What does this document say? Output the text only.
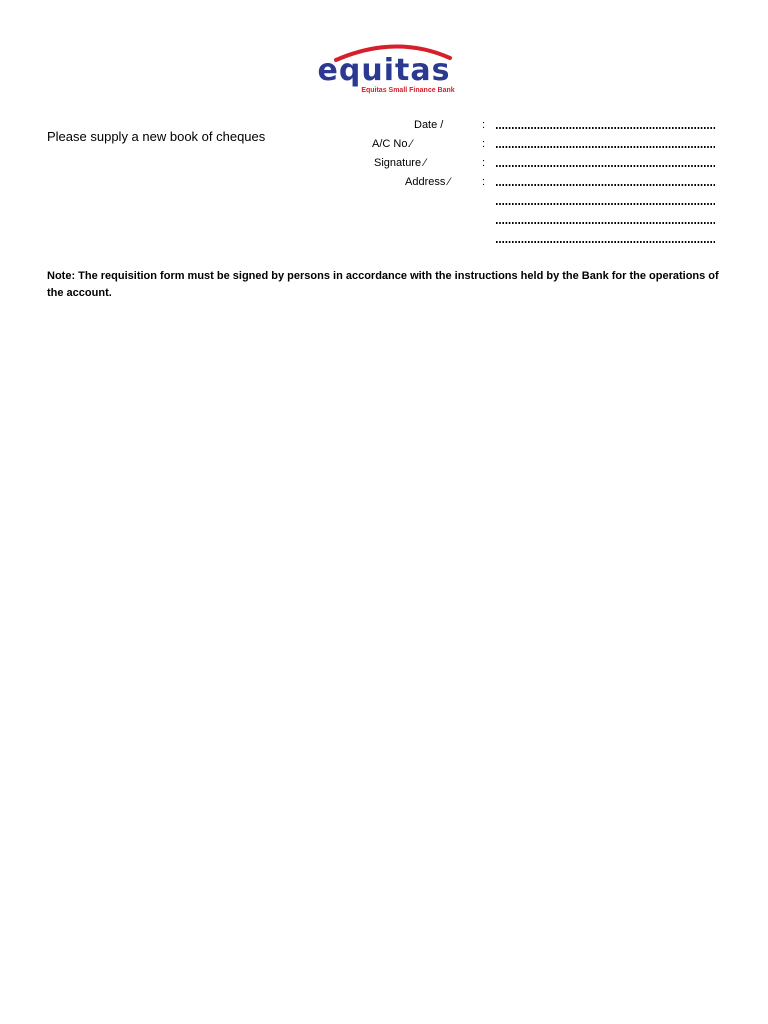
equitas
Equitas Small Finance Bank
Please supply a new book of cheques
Date /
A/C No.⁄
Signature ⁄
Address ⁄
:
:
:
:
Note: The requisition form must be signed by persons in accordance with the instructions held by the Bank for the operations of the account.
